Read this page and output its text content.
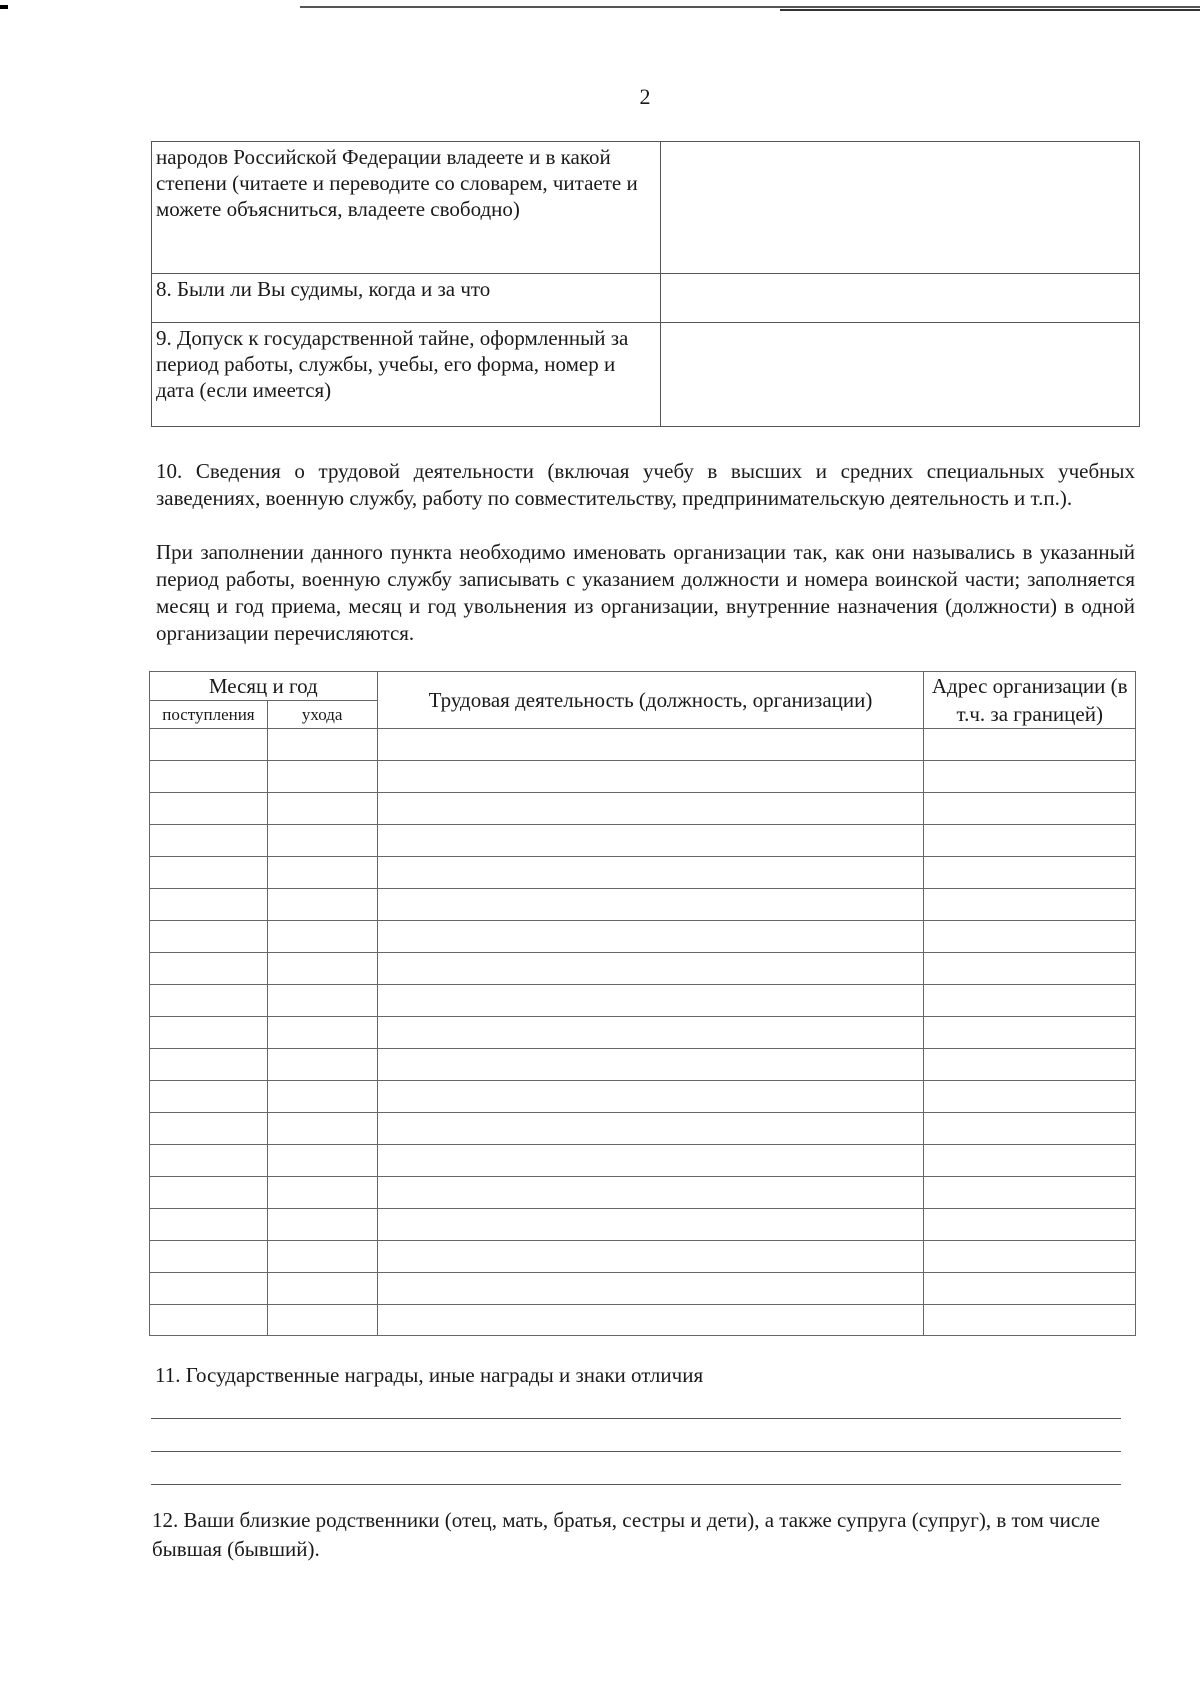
2
народов Российской Федерации владеете и в какой степени (читаете и переводите со словарем, читаете и можете объясниться, владеете свободно)	
8. Были ли Вы судимы, когда и за что	
9. Допуск к государственной тайне, оформленный за период работы, службы, учебы, его форма, номер и дата (если имеется)	
10. Сведения о трудовой деятельности (включая учебу в высших и средних специальных учебных заведениях, военную службу, работу по совместительству, предпринимательскую деятельность и т.п.).
При заполнении данного пункта необходимо именовать организации так, как они назывались в указанный период работы, военную службу записывать с указанием должности и номера воинской части; заполняется месяц и год приема, месяц и год увольнения из организации, внутренние назначения (должности) в одной организации перечисляются.
Месяц и год		Трудовая деятельность (должность, организации)	Адрес организации (в т.ч. за границей)
поступления	ухода		

11. Государственные награды, иные награды и знаки отличия
12. Ваши близкие родственники (отец, мать, братья, сестры и дети), а также супруга (супруг), в том числе бывшая (бывший).
